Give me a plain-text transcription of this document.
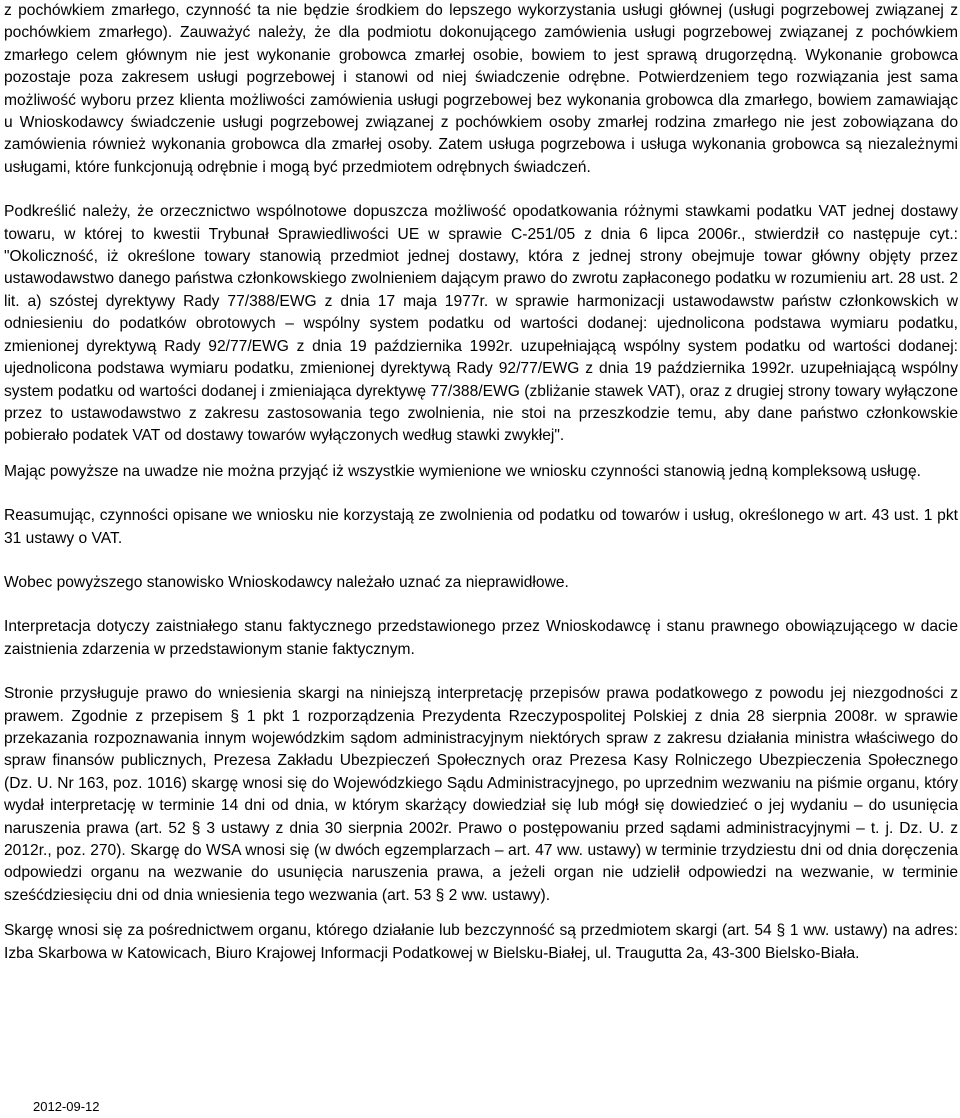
z pochówkiem zmarłego, czynność ta nie będzie środkiem do lepszego wykorzystania usługi głównej (usługi pogrzebowej związanej z pochówkiem zmarłego). Zauważyć należy, że dla podmiotu dokonującego zamówienia usługi pogrzebowej związanej z pochówkiem zmarłego celem głównym nie jest wykonanie grobowca zmarłej osobie, bowiem to jest sprawą drugorzędną. Wykonanie grobowca pozostaje poza zakresem usługi pogrzebowej i stanowi od niej świadczenie odrębne. Potwierdzeniem tego rozwiązania jest sama możliwość wyboru przez klienta możliwości zamówienia usługi pogrzebowej bez wykonania grobowca dla zmarłego, bowiem zamawiając u Wnioskodawcy świadczenie usługi pogrzebowej związanej z pochówkiem osoby zmarłej rodzina zmarłego nie jest zobowiązana do zamówienia również wykonania grobowca dla zmarłej osoby. Zatem usługa pogrzebowa i usługa wykonania grobowca są niezależnymi usługami, które funkcjonują odrębnie i mogą być przedmiotem odrębnych świadczeń.

Podkreślić należy, że orzecznictwo wspólnotowe dopuszcza możliwość opodatkowania różnymi stawkami podatku VAT jednej dostawy towaru, w której to kwestii Trybunał Sprawiedliwości UE w sprawie C-251/05 z dnia 6 lipca 2006r., stwierdził co następuje cyt.: "Okoliczność, iż określone towary stanowią przedmiot jednej dostawy, która z jednej strony obejmuje towar główny objęty przez ustawodawstwo danego państwa członkowskiego zwolnieniem dającym prawo do zwrotu zapłaconego podatku w rozumieniu art. 28 ust. 2 lit. a) szóstej dyrektywy Rady 77/388/EWG z dnia 17 maja 1977r. w sprawie harmonizacji ustawodawstw państw członkowskich w odniesieniu do podatków obrotowych – wspólny system podatku od wartości dodanej: ujednolicona podstawa wymiaru podatku, zmienionej dyrektywą Rady 92/77/EWG z dnia 19 października 1992r. uzupełniającą wspólny system podatku od wartości dodanej: ujednolicona podstawa wymiaru podatku, zmienionej dyrektywą Rady 92/77/EWG z dnia 19 października 1992r. uzupełniającą wspólny system podatku od wartości dodanej i zmieniająca dyrektywę 77/388/EWG (zbliżanie stawek VAT), oraz z drugiej strony towary wyłączone przez to ustawodawstwo z zakresu zastosowania tego zwolnienia, nie stoi na przeszkodzie temu, aby dane państwo członkowskie pobierało podatek VAT od dostawy towarów wyłączonych według stawki zwykłej".

Mając powyższe na uwadze nie można przyjąć iż wszystkie wymienione we wniosku czynności stanowią jedną kompleksową usługę.

Reasumując, czynności opisane we wniosku nie korzystają ze zwolnienia od podatku od towarów i usług, określonego w art. 43 ust. 1 pkt 31 ustawy o VAT.

Wobec powyższego stanowisko Wnioskodawcy należało uznać za nieprawidłowe.

Interpretacja dotyczy zaistniałego stanu faktycznego przedstawionego przez Wnioskodawcę i stanu prawnego obowiązującego w dacie zaistnienia zdarzenia w przedstawionym stanie faktycznym.

Stronie przysługuje prawo do wniesienia skargi na niniejszą interpretację przepisów prawa podatkowego z powodu jej niezgodności z prawem. Zgodnie z przepisem § 1 pkt 1 rozporządzenia Prezydenta Rzeczypospolitej Polskiej z dnia 28 sierpnia 2008r. w sprawie przekazania rozpoznawania innym wojewódzkim sądom administracyjnym niektórych spraw z zakresu działania ministra właściwego do spraw finansów publicznych, Prezesa Zakładu Ubezpieczeń Społecznych oraz Prezesa Kasy Rolniczego Ubezpieczenia Społecznego (Dz. U. Nr 163, poz. 1016) skargę wnosi się do Wojewódzkiego Sądu Administracyjnego, po uprzednim wezwaniu na piśmie organu, który wydał interpretację w terminie 14 dni od dnia, w którym skarżący dowiedział się lub mógł się dowiedzieć o jej wydaniu – do usunięcia naruszenia prawa (art. 52 § 3 ustawy z dnia 30 sierpnia 2002r. Prawo o postępowaniu przed sądami administracyjnymi – t. j. Dz. U. z 2012r., poz. 270). Skargę do WSA wnosi się (w dwóch egzemplarzach – art. 47 ww. ustawy) w terminie trzydziestu dni od dnia doręczenia odpowiedzi organu na wezwanie do usunięcia naruszenia prawa, a jeżeli organ nie udzielił odpowiedzi na wezwanie, w terminie sześćdziesięciu dni od dnia wniesienia tego wezwania (art. 53 § 2 ww. ustawy).

Skargę wnosi się za pośrednictwem organu, którego działanie lub bezczynność są przedmiotem skargi (art. 54 § 1 ww. ustawy) na adres: Izba Skarbowa w Katowicach, Biuro Krajowej Informacji Podatkowej w Bielsku-Białej, ul. Traugutta 2a, 43-300 Bielsko-Biała.

2012-09-12
